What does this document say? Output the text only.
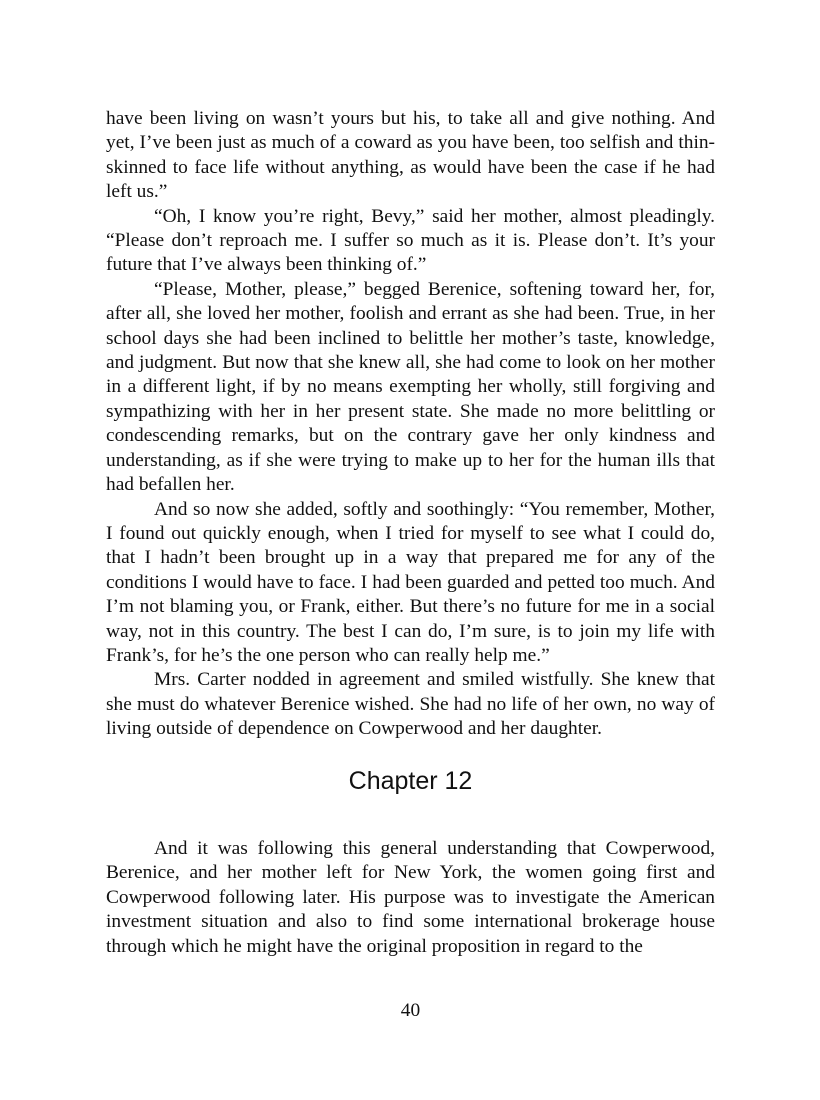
have been living on wasn’t yours but his, to take all and give nothing. And yet, I’ve been just as much of a coward as you have been, too selfish and thin-skinned to face life without anything, as would have been the case if he had left us.”

“Oh, I know you’re right, Bevy,” said her mother, almost pleadingly. “Please don’t reproach me. I suffer so much as it is. Please don’t. It’s your future that I’ve always been thinking of.”

“Please, Mother, please,” begged Berenice, softening toward her, for, after all, she loved her mother, foolish and errant as she had been. True, in her school days she had been inclined to belittle her mother’s taste, knowledge, and judgment. But now that she knew all, she had come to look on her mother in a different light, if by no means exempting her wholly, still forgiving and sympathizing with her in her present state. She made no more belittling or condescending remarks, but on the contrary gave her only kindness and understanding, as if she were trying to make up to her for the human ills that had befallen her.

And so now she added, softly and soothingly: “You remember, Mother, I found out quickly enough, when I tried for myself to see what I could do, that I hadn’t been brought up in a way that prepared me for any of the conditions I would have to face. I had been guarded and petted too much. And I’m not blaming you, or Frank, either. But there’s no future for me in a social way, not in this country. The best I can do, I’m sure, is to join my life with Frank’s, for he’s the one person who can really help me.”

Mrs. Carter nodded in agreement and smiled wistfully. She knew that she must do whatever Berenice wished. She had no life of her own, no way of living outside of dependence on Cowperwood and her daughter.

Chapter 12

And it was following this general understanding that Cowperwood, Berenice, and her mother left for New York, the women going first and Cowperwood following later. His purpose was to investigate the American investment situation and also to find some international brokerage house through which he might have the original proposition in regard to the

40
